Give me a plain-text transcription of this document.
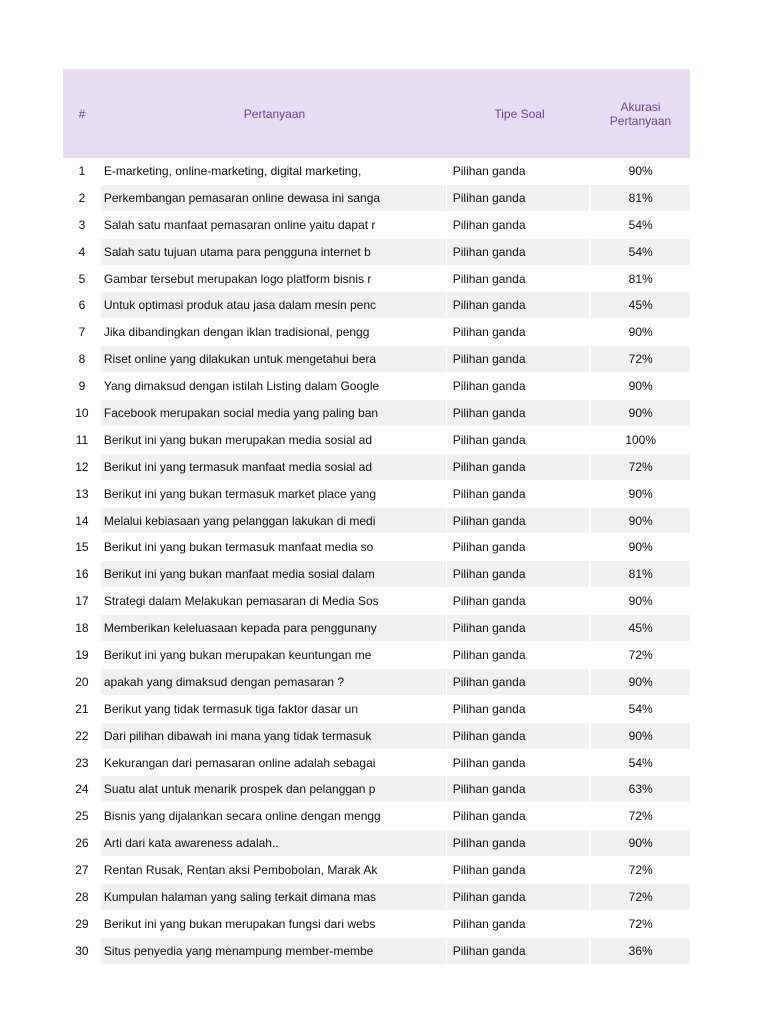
#	Pertanyaan	Tipe Soal	Akurasi
Pertanyaan
1	E-marketing, online-marketing, digital marketing,	Pilihan ganda	90%
2	Perkembangan pemasaran online dewasa ini sanga	Pilihan ganda	81%
3	Salah satu manfaat pemasaran online yaitu dapat r	Pilihan ganda	54%
4	Salah satu tujuan utama para pengguna internet b	Pilihan ganda	54%
5	Gambar tersebut merupakan logo platform bisnis r	Pilihan ganda	81%
6	Untuk optimasi produk atau jasa dalam mesin penc	Pilihan ganda	45%
7	Jika dibandingkan dengan iklan tradisional, pengg	Pilihan ganda	90%
8	Riset online yang dilakukan untuk mengetahui bera	Pilihan ganda	72%
9	Yang dimaksud dengan istilah Listing dalam Google	Pilihan ganda	90%
10	Facebook merupakan social media yang paling ban	Pilihan ganda	90%
11	Berikut ini yang bukan merupakan media sosial ad	Pilihan ganda	100%
12	Berikut ini yang termasuk manfaat media sosial ad	Pilihan ganda	72%
13	Berikut ini yang bukan termasuk market place yang	Pilihan ganda	90%
14	Melalui kebiasaan yang pelanggan lakukan di medi	Pilihan ganda	90%
15	Berikut ini yang bukan termasuk manfaat media so	Pilihan ganda	90%
16	Berikut ini yang bukan manfaat media sosial dalam	Pilihan ganda	81%
17	Strategi dalam Melakukan pemasaran di Media Sos	Pilihan ganda	90%
18	Memberikan keleluasaan kepada para penggunany	Pilihan ganda	45%
19	Berikut ini yang bukan merupakan keuntungan me	Pilihan ganda	72%
20	apakah yang dimaksud dengan pemasaran ?	Pilihan ganda	90%
21	Berikut yang tidak termasuk tiga faktor dasar un	Pilihan ganda	54%
22	Dari pilihan dibawah ini mana yang tidak termasuk	Pilihan ganda	90%
23	Kekurangan dari pemasaran online adalah sebagai	Pilihan ganda	54%
24	Suatu alat untuk menarik prospek dan pelanggan p	Pilihan ganda	63%
25	Bisnis yang dijalankan secara online dengan mengg	Pilihan ganda	72%
26	Arti dari kata awareness adalah..	Pilihan ganda	90%
27	Rentan Rusak, Rentan aksi Pembobolan, Marak Ak	Pilihan ganda	72%
28	Kumpulan halaman yang saling terkait dimana mas	Pilihan ganda	72%
29	Berikut ini yang bukan merupakan fungsi dari webs	Pilihan ganda	72%
30	Situs penyedia yang menampung member-membe	Pilihan ganda	36%
